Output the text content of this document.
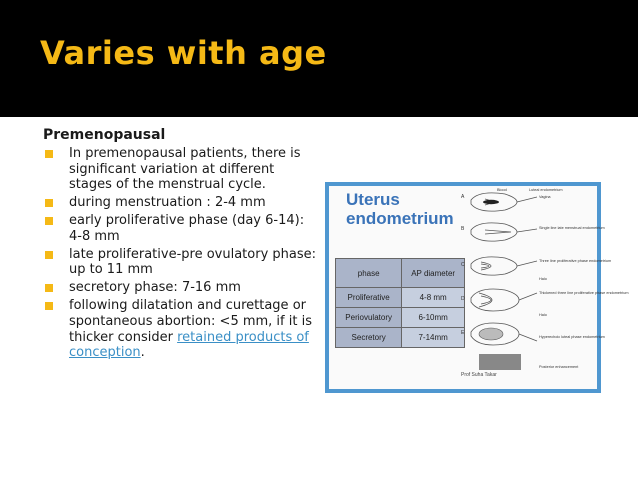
Varies with age
Premenopausal
In premenopausal patients, there is significant variation at different stages of the menstrual cycle.
during menstruation : 2-4 mm
early proliferative phase (day 6-14): 4-8 mm
late proliferative-pre ovulatory phase: up to 11 mm
secretory phase: 7-16 mm
following dilatation and curettage or spontaneous abortion: <5 mm, if it is thicker consider retained products of conception.
Uterus
endometrium
phase	AP diameter
Proliferative	4-8 mm
Periovulatory	6-10mm
Secretory	7-14mm
A
B
C
D
E
Blood	Luteal endometrium
Vagina
Single line late menstrual endometrium
Three line proliferative phase endometrium
Halo
Thickened three line proliferative phase endometrium
Halo
Hyperechoic luteal phase endometrium
Posterior enhancement
Prof Suha Takar
